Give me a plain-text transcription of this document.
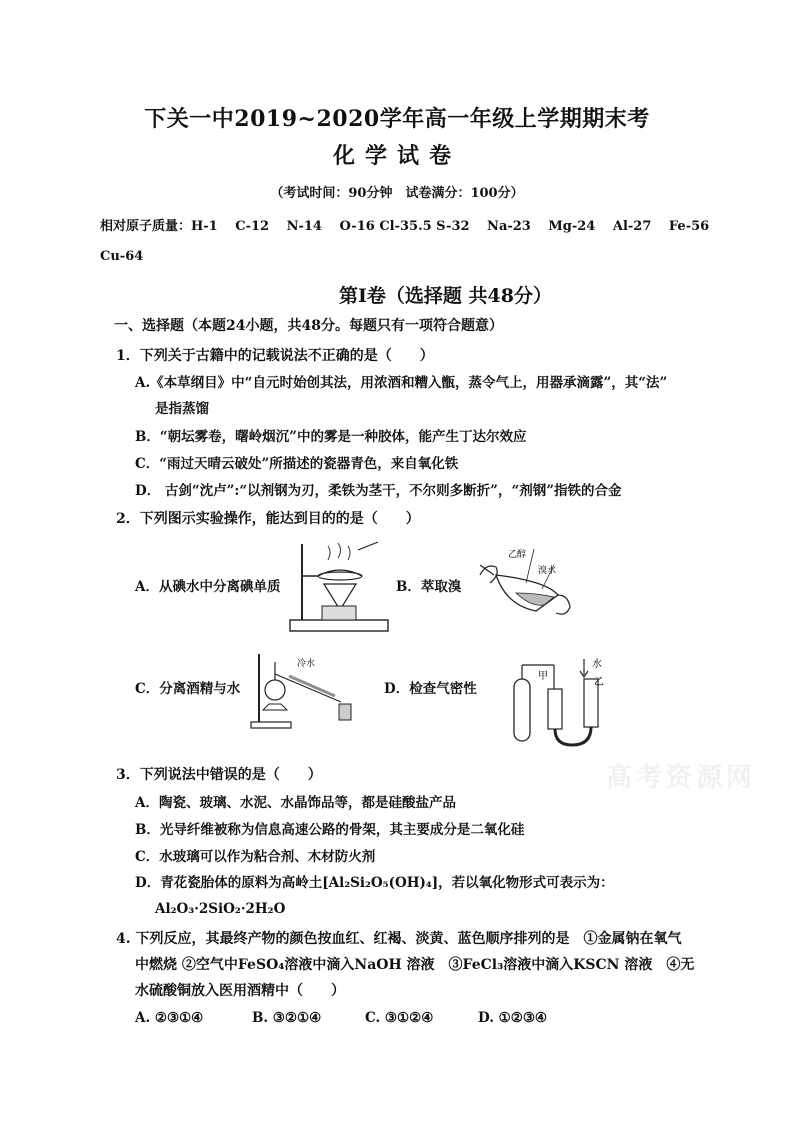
下关一中2019~2020学年高一年级上学期期末考
化学试卷
（考试时间：90分钟　试卷满分：100分）
相对原子质量：H-1　 C-12　 N-14　 O-16 Cl-35.5 S-32　 Na-23　 Mg-24　 Al-27　 Fe-56
Cu-64
第Ⅰ卷（选择题 共48分）
一、选择题（本题24小题，共48分。每题只有一项符合题意）
1．下列关于古籍中的记载说法不正确的是（　　）
A.《本草纲目》中“自元时始创其法，用浓酒和糟入甑，蒸令气上，用器承滴露”，其“法”
是指蒸馏
B．“朝坛雾卷，曙岭烟沉”中的雾是一种胶体，能产生丁达尔效应
C．“雨过天晴云破处”所描述的瓷器青色，来自氧化铁
D． 古剑“沈卢”:“以剂钢为刃，柔铁为茎干，不尔则多断折”，“剂钢”指铁的合金
2．下列图示实验操作，能达到目的的是（　　）
A．从碘水中分离碘单质	B．萃取溴
C．分离酒精与水	D．检查气密性
乙醇
溴水
冷水
甲
水
乙
高考资源网
3．下列说法中错误的是（　　）
A．陶瓷、玻璃、水泥、水晶饰品等，都是硅酸盐产品
B．光导纤维被称为信息高速公路的骨架，其主要成分是二氧化硅
C．水玻璃可以作为粘合剂、木材防火剂
D．青花瓷胎体的原料为高岭土[Al₂Si₂O₅(OH)₄]，若以氧化物形式可表示为：
Al₂O₃·2SiO₂·2H₂O
4. 下列反应，其最终产物的颜色按血红、红褐、淡黄、蓝色顺序排列的是　①金属钠在氧气
中燃烧 ②空气中FeSO₄溶液中滴入NaOH 溶液　③FeCl₃溶液中滴入KSCN 溶液　④无
水硫酸铜放入医用酒精中（　　）
A. ②③①④	B. ③②①④	C. ③①②④	D. ①②③④
